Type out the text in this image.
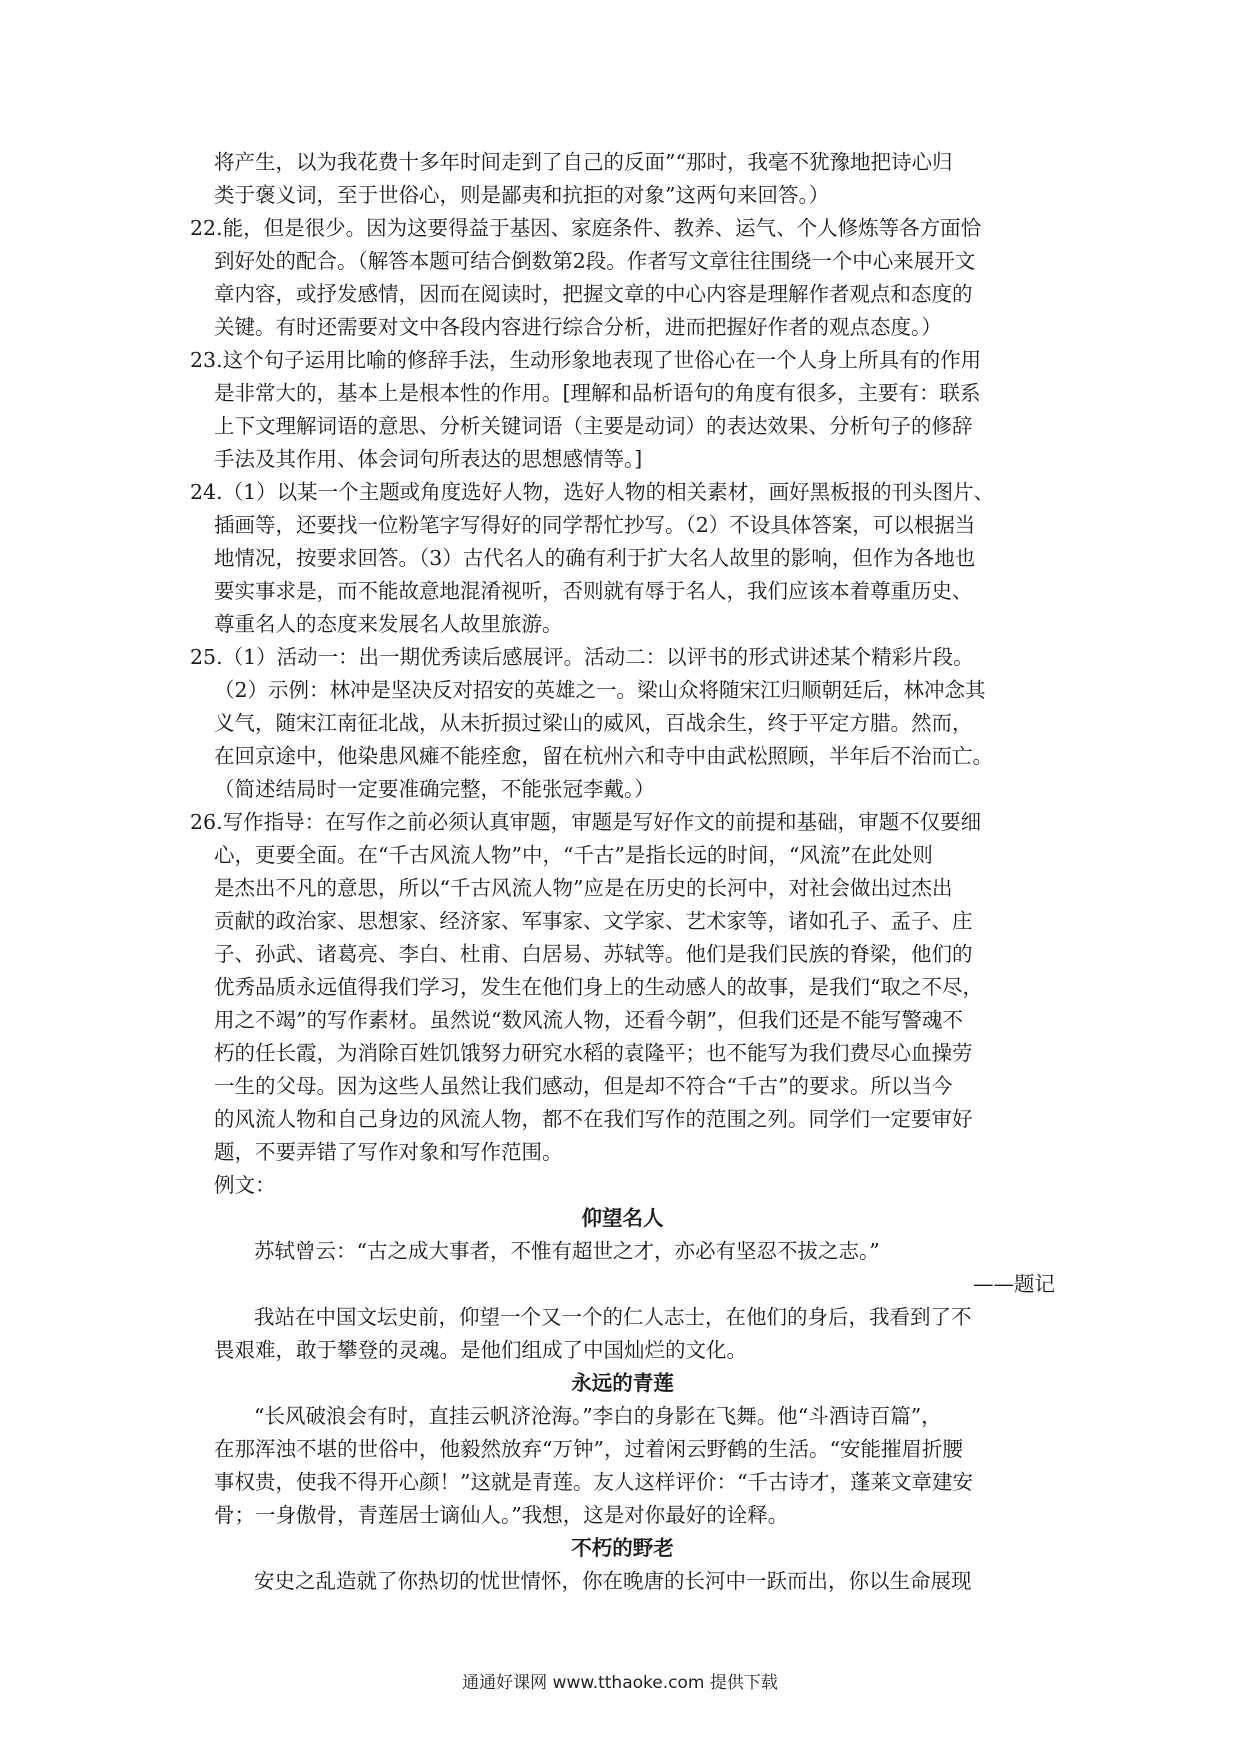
将产生，以为我花费十多年时间走到了自己的反面”“那时，我毫不犹豫地把诗心归
类于褒义词，至于世俗心，则是鄙夷和抗拒的对象”这两句来回答。）
22.能，但是很少。因为这要得益于基因、家庭条件、教养、运气、个人修炼等各方面恰
到好处的配合。（解答本题可结合倒数第2段。作者写文章往往围绕一个中心来展开文
章内容，或抒发感情，因而在阅读时，把握文章的中心内容是理解作者观点和态度的
关键。有时还需要对文中各段内容进行综合分析，进而把握好作者的观点态度。）
23.这个句子运用比喻的修辞手法，生动形象地表现了世俗心在一个人身上所具有的作用
是非常大的，基本上是根本性的作用。[理解和品析语句的角度有很多，主要有：联系
上下文理解词语的意思、分析关键词语（主要是动词）的表达效果、分析句子的修辞
手法及其作用、体会词句所表达的思想感情等。]
24.（1）以某一个主题或角度选好人物，选好人物的相关素材，画好黑板报的刊头图片、
插画等，还要找一位粉笔字写得好的同学帮忙抄写。（2）不设具体答案，可以根据当
地情况，按要求回答。（3）古代名人的确有利于扩大名人故里的影响，但作为各地也
要实事求是，而不能故意地混淆视听，否则就有辱于名人，我们应该本着尊重历史、
尊重名人的态度来发展名人故里旅游。
25.（1）活动一：出一期优秀读后感展评。活动二：以评书的形式讲述某个精彩片段。
（2）示例：林冲是坚决反对招安的英雄之一。梁山众将随宋江归顺朝廷后，林冲念其
义气，随宋江南征北战，从未折损过梁山的威风，百战余生，终于平定方腊。然而，
在回京途中，他染患风瘫不能痊愈，留在杭州六和寺中由武松照顾，半年后不治而亡。
（简述结局时一定要准确完整，不能张冠李戴。）
26.写作指导：在写作之前必须认真审题，审题是写好作文的前提和基础，审题不仅要细
心，更要全面。在“千古风流人物”中，“千古”是指长远的时间，“风流”在此处则
是杰出不凡的意思，所以“千古风流人物”应是在历史的长河中，对社会做出过杰出
贡献的政治家、思想家、经济家、军事家、文学家、艺术家等，诸如孔子、孟子、庄
子、孙武、诸葛亮、李白、杜甫、白居易、苏轼等。他们是我们民族的脊梁，他们的
优秀品质永远值得我们学习，发生在他们身上的生动感人的故事，是我们“取之不尽，
用之不竭”的写作素材。虽然说“数风流人物，还看今朝”，但我们还是不能写警魂不
朽的任长霞，为消除百姓饥饿努力研究水稻的袁隆平；也不能写为我们费尽心血操劳
一生的父母。因为这些人虽然让我们感动，但是却不符合“千古”的要求。所以当今
的风流人物和自己身边的风流人物，都不在我们写作的范围之列。同学们一定要审好
题，不要弄错了写作对象和写作范围。
例文：
仰望名人
苏轼曾云：“古之成大事者，不惟有超世之才，亦必有坚忍不拔之志。”
——题记
我站在中国文坛史前，仰望一个又一个的仁人志士，在他们的身后，我看到了不
畏艰难，敢于攀登的灵魂。是他们组成了中国灿烂的文化。
永远的青莲
“长风破浪会有时，直挂云帆济沧海。”李白的身影在飞舞。他“斗酒诗百篇”，
在那浑浊不堪的世俗中，他毅然放弃“万钟”，过着闲云野鹤的生活。“安能摧眉折腰
事权贵，使我不得开心颜！”这就是青莲。友人这样评价：“千古诗才，蓬莱文章建安
骨；一身傲骨，青莲居士谪仙人。”我想，这是对你最好的诠释。
不朽的野老
安史之乱造就了你热切的忧世情怀，你在晚唐的长河中一跃而出，你以生命展现
通通好课网 www.tthaoke.com 提供下载
